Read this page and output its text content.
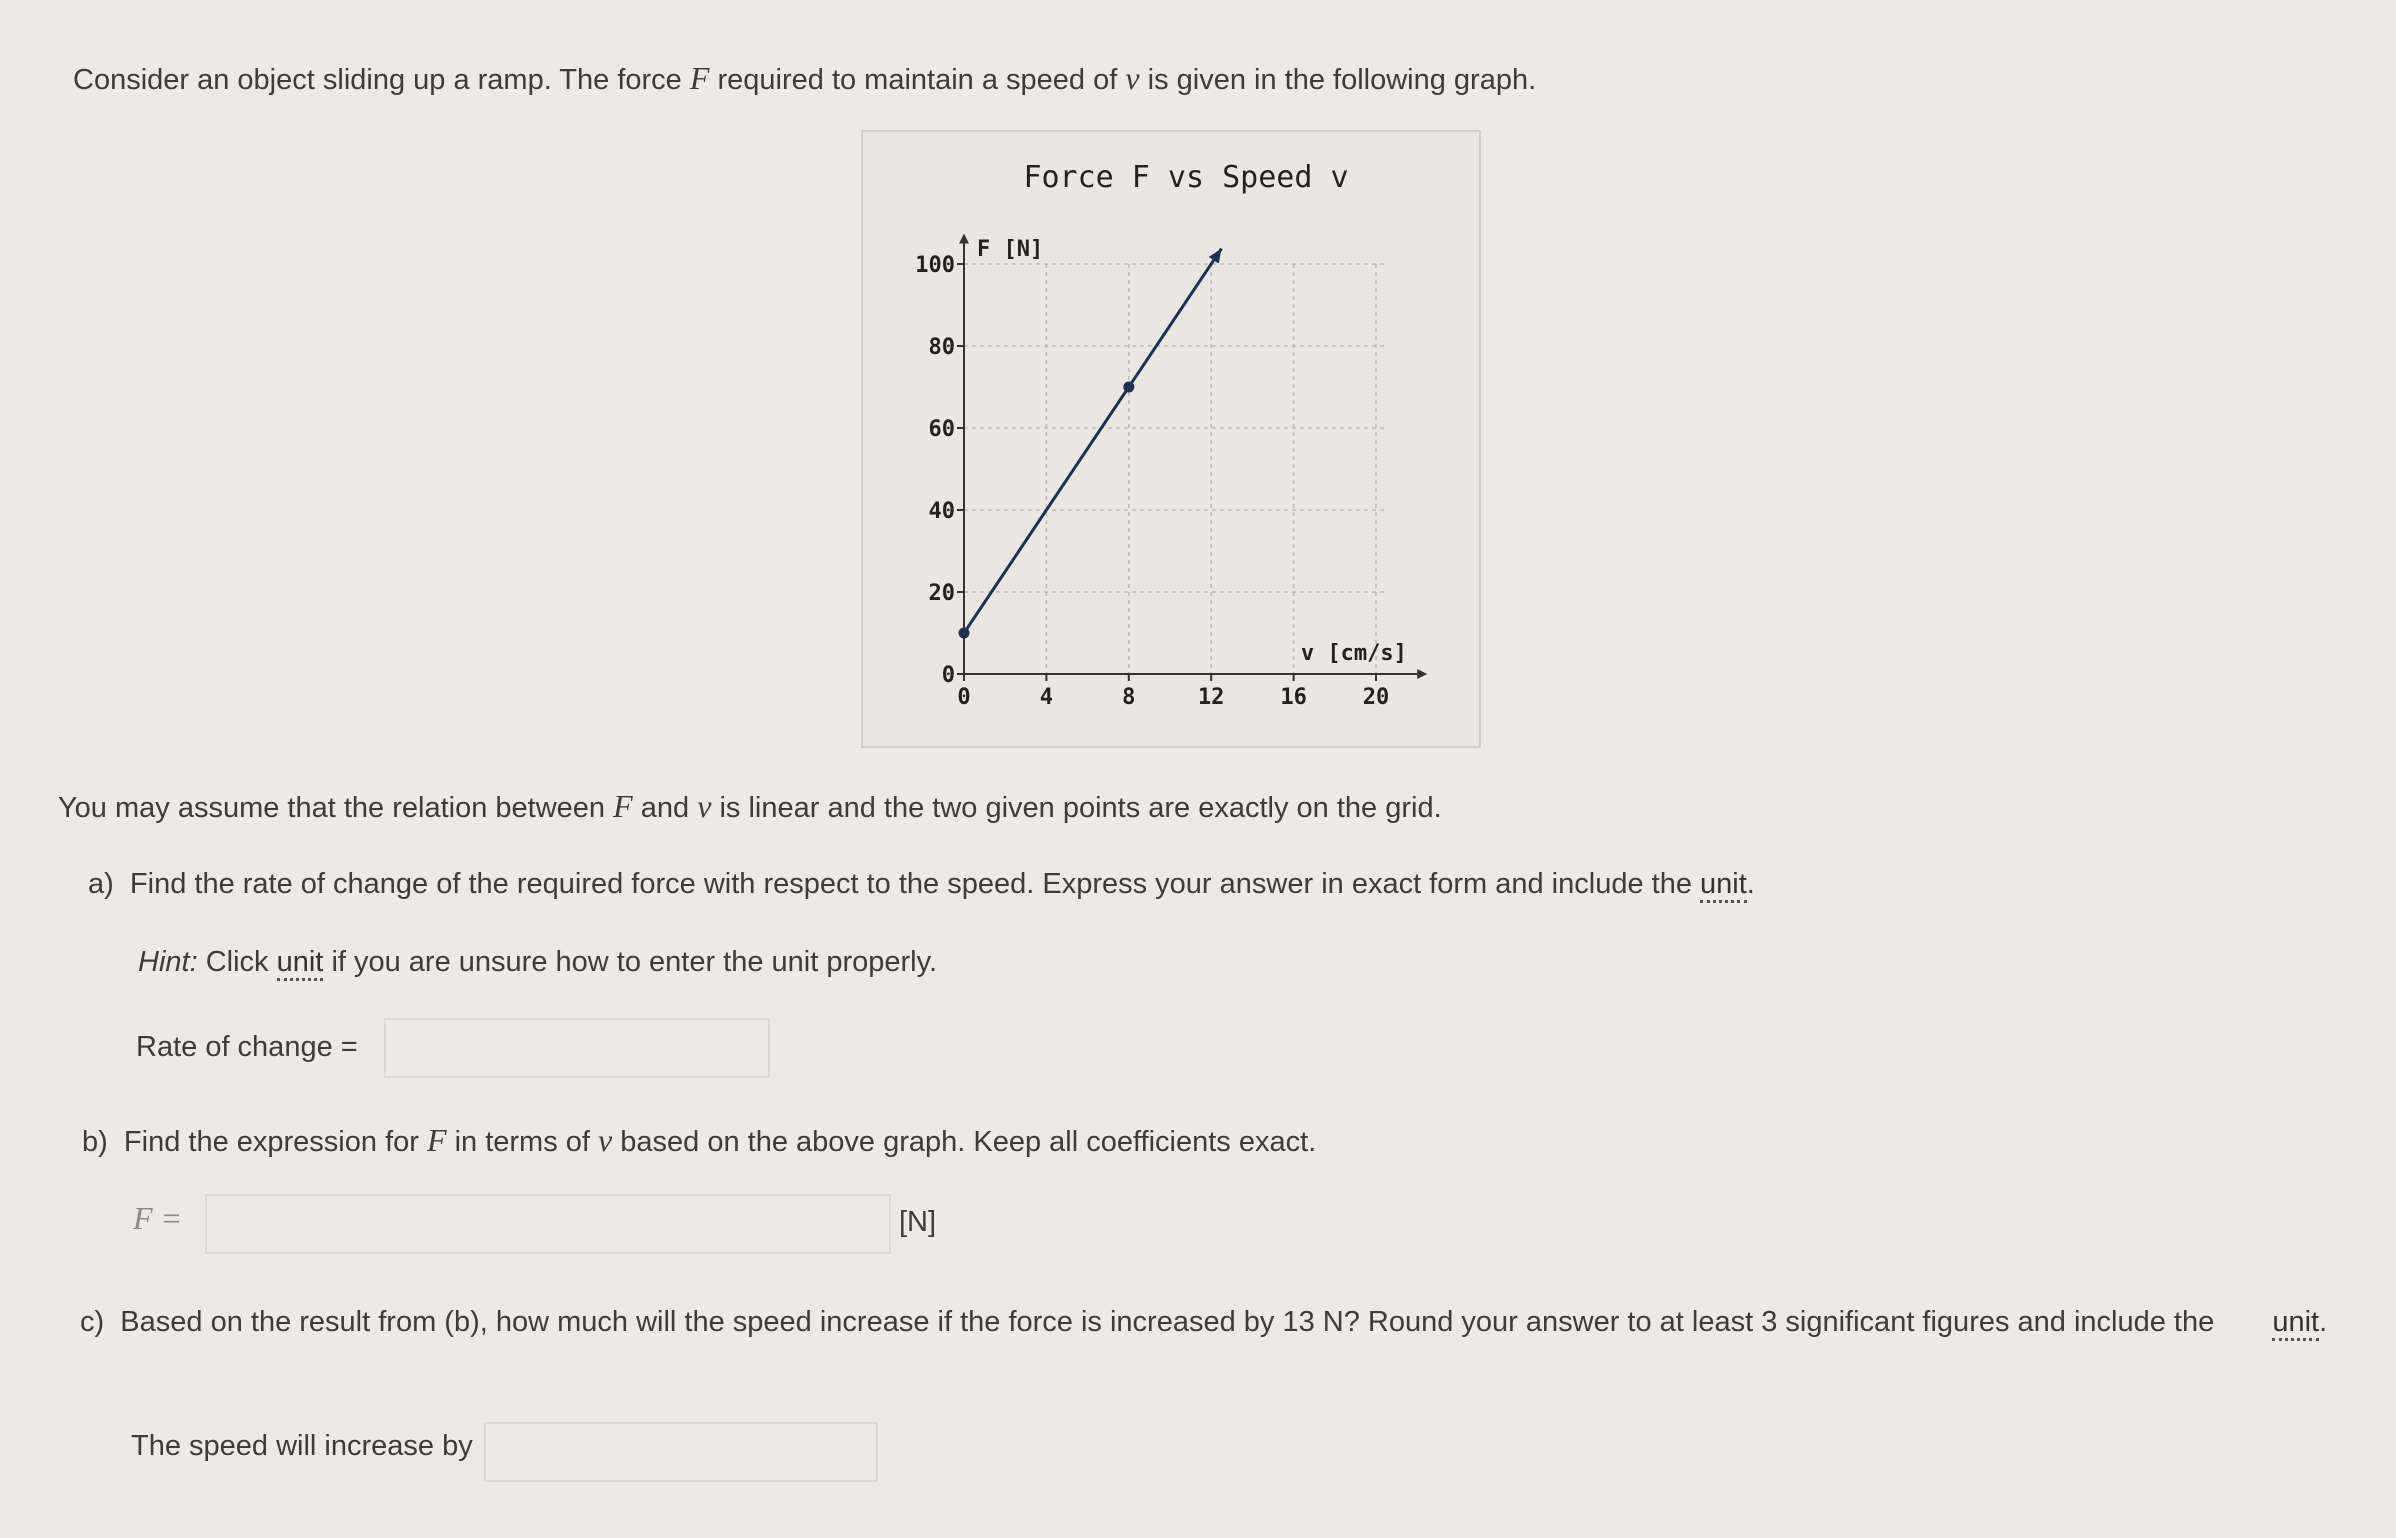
Consider an object sliding up a ramp. The force F required to maintain a speed of v is given in the following graph.
Force F vs Speed v
0	4	8	12	16	20
0
20
40
60
80
100
F [N]
v [cm/s]
You may assume that the relation between F and v is linear and the two given points are exactly on the grid.
a) Find the rate of change of the required force with respect to the speed. Express your answer in exact form and include the unit.
Hint: Click unit if you are unsure how to enter the unit properly.
Rate of change =
b) Find the expression for F in terms of v based on the above graph. Keep all coefficients exact.
F =	[N]
c) Based on the result from (b), how much will the speed increase if the force is increased by 13 N? Round your answer to at least 3 significant figures and include the unit.
The speed will increase by
